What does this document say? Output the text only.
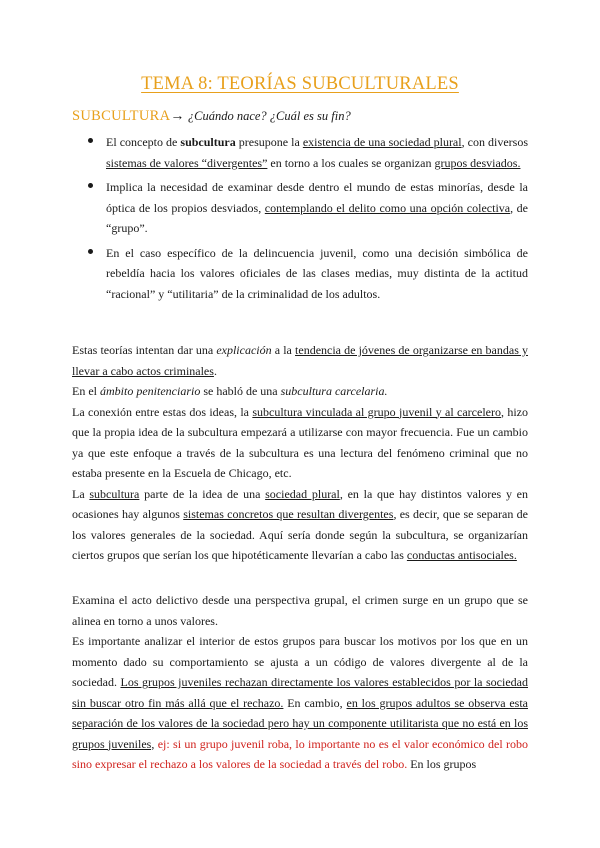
TEMA 8: TEORÍAS SUBCULTURALES
SUBCULTURA→ ¿Cuándo nace? ¿Cuál es su fin?
El concepto de subcultura presupone la existencia de una sociedad plural, con diversos sistemas de valores “divergentes” en torno a los cuales se organizan grupos desviados.
Implica la necesidad de examinar desde dentro el mundo de estas minorías, desde la óptica de los propios desviados, contemplando el delito como una opción colectiva, de “grupo”.
En el caso específico de la delincuencia juvenil, como una decisión simbólica de rebeldía hacia los valores oficiales de las clases medias, muy distinta de la actitud “racional” y “utilitaria” de la criminalidad de los adultos.
Estas teorías intentan dar una explicación a la tendencia de jóvenes de organizarse en bandas y llevar a cabo actos criminales.
En el ámbito penitenciario se habló de una subcultura carcelaria.
La conexión entre estas dos ideas, la subcultura vinculada al grupo juvenil y al carcelero, hizo que la propia idea de la subcultura empezará a utilizarse con mayor frecuencia. Fue un cambio ya que este enfoque a través de la subcultura es una lectura del fenómeno criminal que no estaba presente en la Escuela de Chicago, etc.
La subcultura parte de la idea de una sociedad plural, en la que hay distintos valores y en ocasiones hay algunos sistemas concretos que resultan divergentes, es decir, que se separan de los valores generales de la sociedad. Aquí sería donde según la subcultura, se organizarían ciertos grupos que serían los que hipotéticamente llevarían a cabo las conductas antisociales.
Examina el acto delictivo desde una perspectiva grupal, el crimen surge en un grupo que se alinea en torno a unos valores.
Es importante analizar el interior de estos grupos para buscar los motivos por los que en un momento dado su comportamiento se ajusta a un código de valores divergente al de la sociedad. Los grupos juveniles rechazan directamente los valores establecidos por la sociedad sin buscar otro fin más allá que el rechazo. En cambio, en los grupos adultos se observa esta separación de los valores de la sociedad pero hay un componente utilitarista que no está en los grupos juveniles, ej: si un grupo juvenil roba, lo importante no es el valor económico del robo sino expresar el rechazo a los valores de la sociedad a través del robo. En los grupos
